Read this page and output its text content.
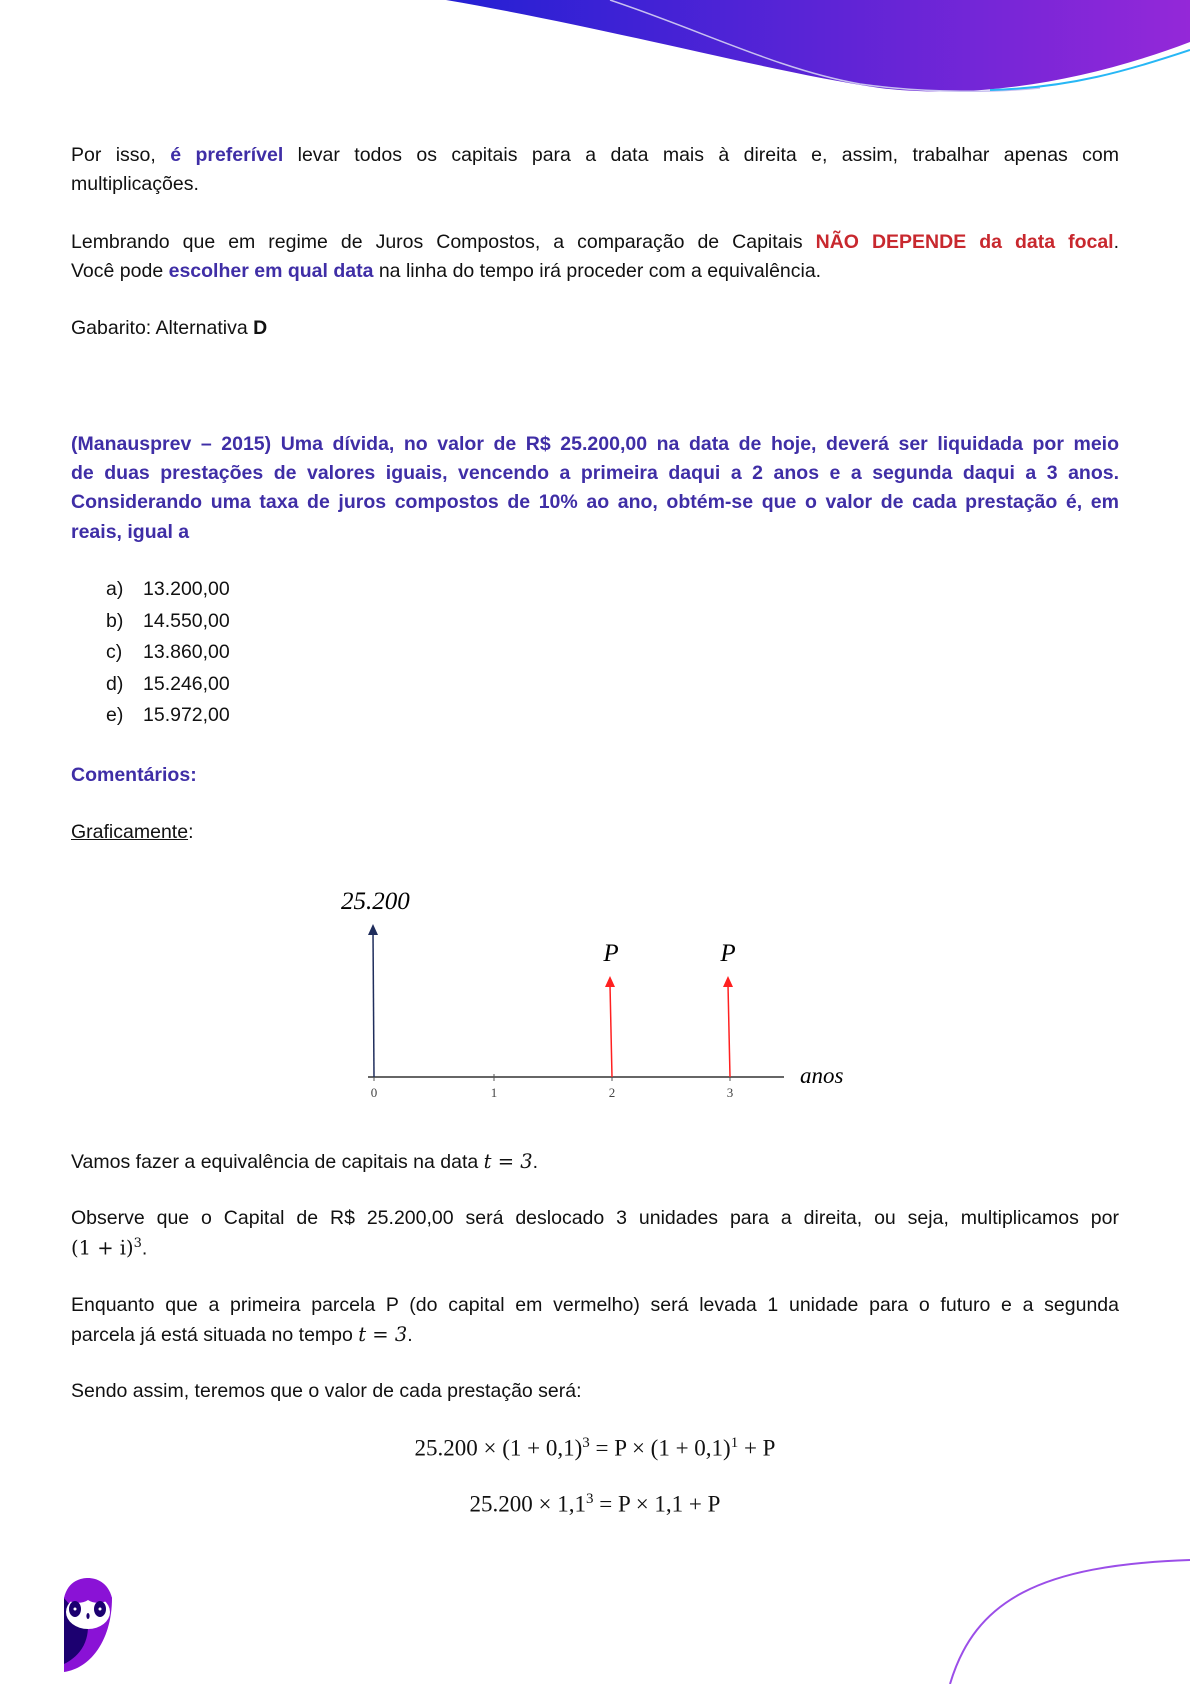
Por isso, é preferível levar todos os capitais para a data mais à direita e, assim, trabalhar apenas com
multiplicações.
Lembrando que em regime de Juros Compostos, a comparação de Capitais NÃO DEPENDE da data focal.
Você pode escolher em qual data na linha do tempo irá proceder com a equivalência.
Gabarito: Alternativa D
(Manausprev – 2015) Uma dívida, no valor de R$ 25.200,00 na data de hoje, deverá ser liquidada por meio
de duas prestações de valores iguais, vencendo a primeira daqui a 2 anos e a segunda daqui a 3 anos.
Considerando uma taxa de juros compostos de 10% ao ano, obtém-se que o valor de cada prestação é, em
reais, igual a
a) 13.200,00
b) 14.550,00
c) 13.860,00
d) 15.246,00
e) 15.972,00
Comentários:
Graficamente:
25.200
P	P
anos
0	1	2	3
Vamos fazer a equivalência de capitais na data t = 3.
Observe que o Capital de R$ 25.200,00 será deslocado 3 unidades para a direita, ou seja, multiplicamos por
$(1 + i)^3$.
Enquanto que a primeira parcela P (do capital em vermelho) será levada 1 unidade para o futuro e a segunda
parcela já está situada no tempo t = 3.
Sendo assim, teremos que o valor de cada prestação será:
$25.200 \times (1 + 0,1)^3 = P \times (1 + 0,1)^1 + P$
$25.200 \times 1,1^3 = P \times 1,1 + P$
